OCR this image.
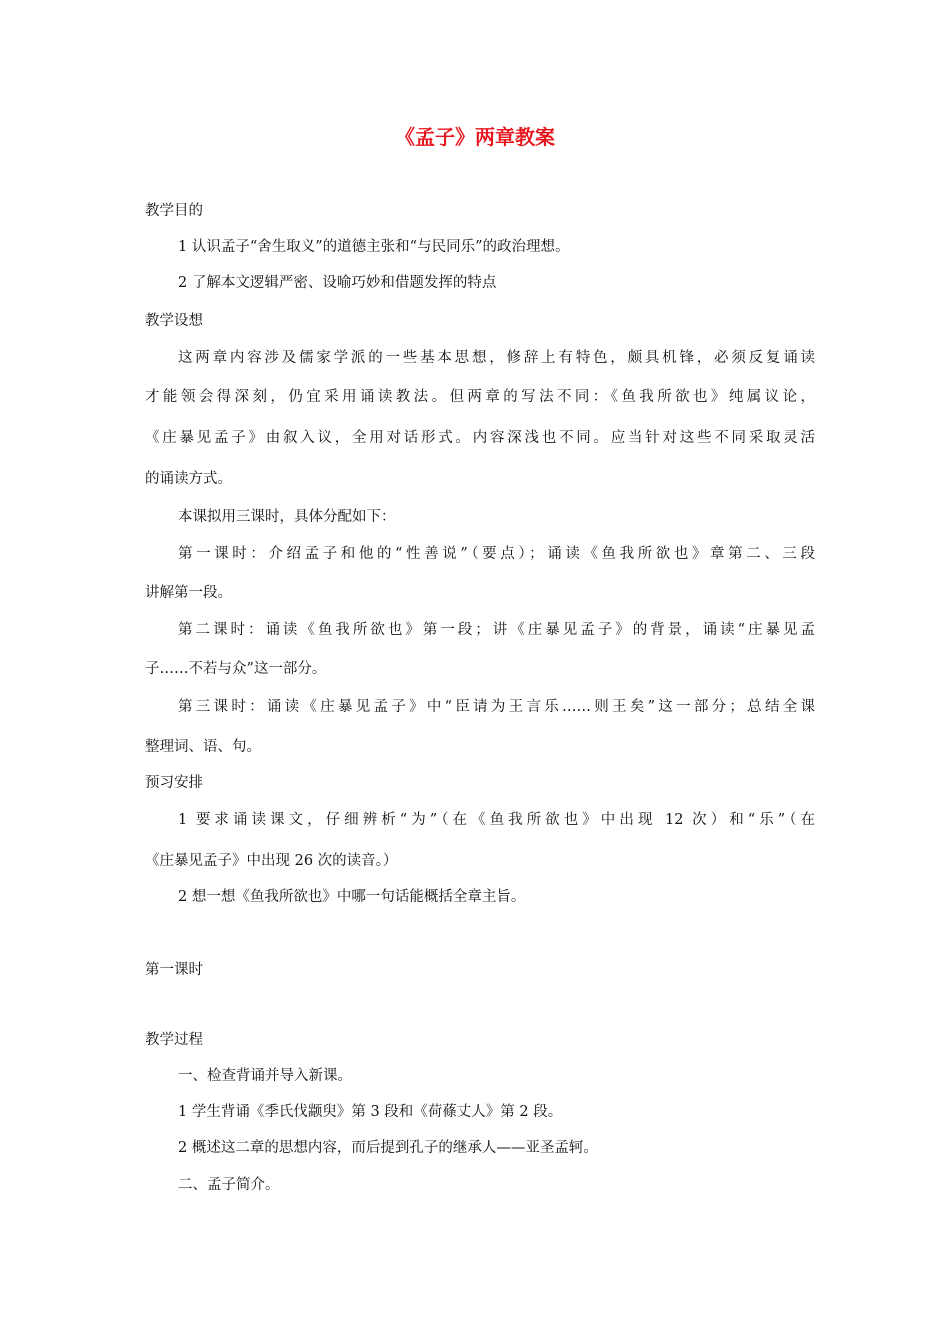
《孟子》两章教案

教学目的

1 认识孟子“舍生取义”的道德主张和“与民同乐”的政治理想。

2 了解本文逻辑严密、设喻巧妙和借题发挥的特点

教学设想

这两章内容涉及儒家学派的一些基本思想，修辞上有特色，颇具机锋，必须反复诵读

才能领会得深刻，仍宜采用诵读教法。但两章的写法不同：《鱼我所欲也》纯属议论，

《庄暴见孟子》由叙入议，全用对话形式。内容深浅也不同。应当针对这些不同采取灵活

的诵读方式。

本课拟用三课时，具体分配如下：

第一课时：介绍孟子和他的“性善说”（要点）；诵读《鱼我所欲也》章第二、三段

讲解第一段。

第二课时：诵读《鱼我所欲也》第一段；讲《庄暴见孟子》的背景，诵读“庄暴见孟

子……不若与众”这一部分。

第三课时：诵读《庄暴见孟子》中“臣请为王言乐……则王矣”这一部分；总结全课

整理词、语、句。

预习安排

1 要求诵读课文，仔细辨析“为”（在《鱼我所欲也》中出现 12 次）和“乐”（在

《庄暴见孟子》中出现 26 次的读音。）

2 想一想《鱼我所欲也》中哪一句话能概括全章主旨。

第一课时

教学过程

一、检查背诵并导入新课。

1 学生背诵《季氏伐颛臾》第 3 段和《荷蓧丈人》第 2 段。

2 概述这二章的思想内容，而后提到孔子的继承人——亚圣孟轲。

二、孟子简介。
